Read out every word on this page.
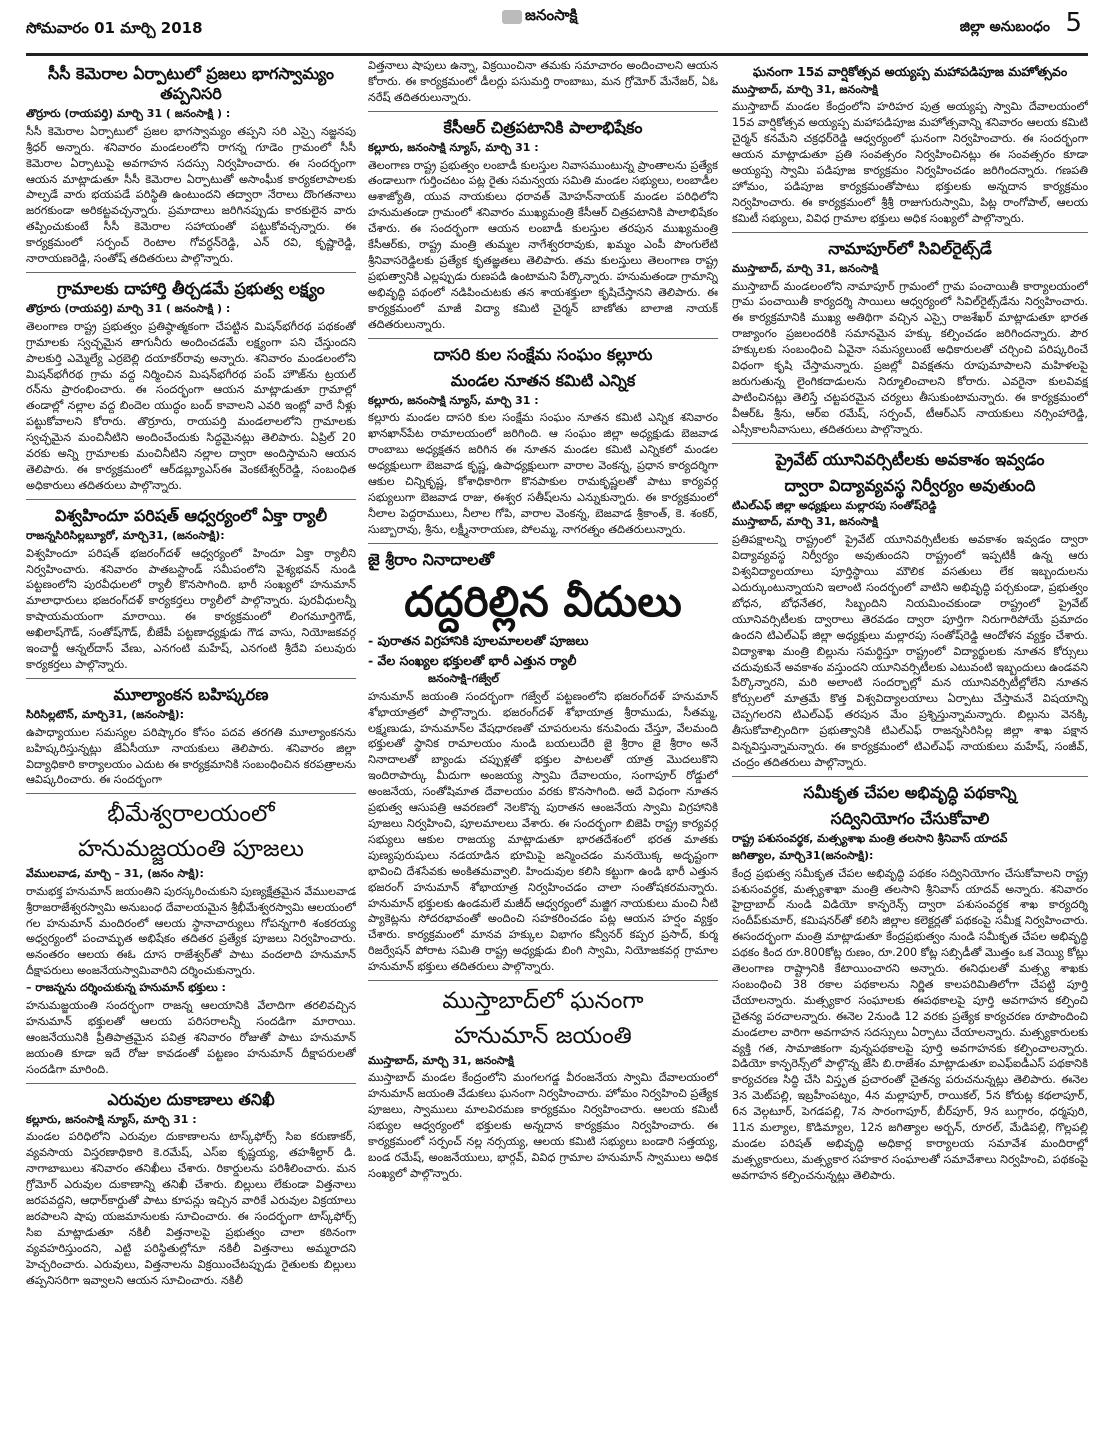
సోమవారం 01 మార్చి 2018
జనంసాక్షి
జిల్లా అనుబంధం 5
సీసీ కెమెరాల ఏర్పాటులో ప్రజలు భాగస్వామ్యం తప్పనిసరి
తొర్రూరు (రాయపర్తి) మార్చి 31 ( జనంసాక్షి ) :
సీసీ కెమెరాల ఏర్పాటులో ప్రజల భాగస్వామ్యం తప్పని సరి ఎస్సై నజ్జనపు శ్రీధర్ అన్నారు. శనివారం మండలంలోని రాగన్న గూడెం గ్రామంలో సీసీ కెమెరాల ఏర్పాటుపై అవగాహన సదస్సు నిర్వహించారు. ఈ సందర్భంగా ఆయన మాట్లాడుతూ సీసీ కెమెరాల ఏర్పాటుతో అసాంఘీక కార్యకలాపాలకు పాల్పడే వారు భయపడే పరిస్థితి ఉంటుందని తద్వారా నేరాలు దొంగతనాలు జరగకుండా అరికట్టవచ్చన్నారు. ప్రమాదాలు జరిగినప్పుడు కారకులైన వారు తప్పించుకుంటే సీసీ కెమెరాల సహాయంతో పట్టుకోవచ్చన్నారు. ఈ కార్యక్రమంలో సర్పంచ్ రెంటాల గోవర్ధన్‌రెడ్డి, ఎన్ రవి, కృష్ణారెడ్డి, నారాయణరెడ్డి, సంతోష్ తదితరులు పాల్గొన్నారు.
గ్రామాలకు దాహార్తి తీర్చడమే ప్రభుత్వ లక్ష్యం
తొర్రూరు (రాయపర్తి) మార్చి 31 ( జనంసాక్షి ) :
తెలంగాణ రాష్ట్ర ప్రభుత్వం ప్రతిష్ఠాత్మకంగా చేపట్టిన మిషన్‌భగీరథ పథకంతో గ్రామాలకు స్వచ్ఛమైన తాగునీరు అందించడమే లక్ష్యంగా పని చేస్తుందని పాలకుర్తి ఎమ్మెల్యే ఎర్రబెల్లి దయాకర్‌రావు అన్నారు. శనివారం మండలంలోని మిషన్‌భగీరథ గ్రామ వద్ద నిర్మించిన మిషన్‌భగీరథ పంప్ హౌజ్‌ను ట్రయల్ రన్‌ను ప్రారంభించారు. ఈ సందర్భంగా ఆయన మాట్లాడుతూ గ్రామాల్లో తండాల్లో నల్లాల వద్ద బిందెల యుద్ధం బంద్ కావాలని ఎవరి ఇంట్లో వారే నీళ్లు పట్టుకోవాలని కోరారు. తొర్రూరు, రాయపర్తి మండలాలలోని గ్రామాలకు స్వచ్ఛమైన మంచినీటిని అందించేందుకు సిద్ధమైనట్లు తెలిపారు. ఏప్రిల్ 20 వరకు అన్ని గ్రామాలకు మంచినీటిని నల్లాల ద్వారా అందిస్తామని ఆయన తెలిపారు. ఈ కార్యక్రమంలో ఆర్‌డబ్ల్యూఎస్ఈ వెంకటేశ్వర్‌రెడ్డి, సంబంధిత అధికారులు తదితరులు పాల్గొన్నారు.
విశ్వహిందూ పరిషత్ ఆధ్వర్యంలో ఏక్తా ర్యాలీ
రాజన్నసిరిసిల్లబ్యూరో, మార్చి31, (జనంసాక్షి):
విశ్వహిందూ పరిషత్ భజరంగ్‌దళ్ ఆధ్వర్యంలో హిందూ ఏక్తా ర్యాలీని నిర్వహించారు. శనివారం పాతబస్టాండ్ సమీపంలోని వైశ్యభవన్ నుండి పట్టణంలోని పురవీధులలో ర్యాలీ కొనసాగింది. భారీ సంఖ్యలో హనుమాన్ మాలాధారులు భజరంగ్‌దళ్ కార్యకర్తలు ర్యాలీలో పాల్గొన్నారు. పురవీధులన్నీ కాషాయమయంగా మారాయి. ఈ కార్యక్రమంలో లింగమూర్తిగౌడ్, అఖిలాష్‌గౌడ్, సంతోష్‌గౌడ్, బీజేపీ పట్టణాధ్యక్షుడు గౌడ వాసు, నియోజకవర్గ ఇంచార్జీ ఆన్నల్‌దాస్ వేణు, ఎనగంటి మహేష్, ఎనగంటి శ్రీదేవి పలువురు కార్యకర్తలు పాల్గొన్నారు.
మూల్యాంకన బహిష్కరణ
సిరిసిల్లటౌన్, మార్చి31, (జనంసాక్షి):
ఉపాధ్యాయుల సమస్యల పరిష్కారం కోసం పదవ తరగతి మూల్యాంకనను బహిష్కరిస్తున్నట్లు జేఏసీయూ నాయకులు తెలిపారు. శనివారం జిల్లా విద్యాధికారి కార్యాలయం ఎదుట ఈ కార్యక్రమానికి సంబంధించిన కరపత్రాలను ఆవిష్కరించారు. ఈ సందర్భంగా
భీమేశ్వరాలయంలో
హనుమజ్జయంతి పూజలు
వేములవాడ, మార్చి – 31, (జనం సాక్షి):
రామభక్త హనుమాన్ జయంతిని పురస్కరించుకుని పుణ్యక్షేత్రమైన వేములవాడ శ్రీరాజరాజేశ్వరస్వామి అనుబంధ దేవాలయమైన శ్రీభీమేశ్వరస్వామి ఆలయంలో గల హనుమాన్ మందిరంలో ఆలయ స్థానాచార్యులు గోపన్నగారి శంకరయ్య అధ్వర్యంలో పంచామృత అభిషేకం తదితర ప్రత్యేక పూజలు నిర్వహించారు. అనంతరం ఆలయ ఈఓ దూస రాజేశ్వర్‌తో పాటు వందలాది హనుమాన్ దీక్షాపరులు అంజనేయస్వామివారిని దర్శించుకున్నారు.
– రాజన్నను దర్శించుకున్న హనుమాన్ భక్తులు :
హనుమజ్జయంతి సందర్భంగా రాజన్న ఆలయానికి వేలాదిగా తరలివచ్చిన హనుమాన్ భక్తులతో ఆలయ పరిసరాలన్నీ సందడిగా మారాయి. ఆంజనేయునికి ప్రీతిపాత్రమైన పవిత్ర శనివారం రోజుతో పాటు హనుమాన్ జయంతి కూడా ఇదే రోజు కావడంతో పట్టణం హనుమాన్ దీక్షాపరులతో సందడిగా మారింది.
ఎరువుల దుకాణాలు తనిఖీ
కల్లూరు, జనంసాక్షి న్యూస్, మార్చి 31 :
మండల పరిధిలోని ఎరువుల దుకాణాలను టాస్క్‌ఫోర్స్ సిఐ కరుణాకర్, వ్యవసాయ విస్తరణాధికారి కె.రమేష్, ఎస్ఐ కృష్ణయ్య, తహశీల్దార్ డి. నాగాబాబులు శనివారం తనిఖీలు చేశారు. రికార్డులను పరిశీలించారు. మన గ్రోమోర్ ఎరువుల దుకాణాన్ని తనిఖీ చేశారు. బిల్లులు లేకుండా విత్తనాలు జరపవద్దని, ఆధార్‌కార్డుతో పాటు కూపన్లు ఇచ్చిన వారికే ఎరువుల విక్రయాలు జరపాలని షాపు యజమానులకు సూచించారు. ఈ సందర్భంగా టాస్క్‌ఫోర్స్ సిఐ మాట్లాడుతూ నకిలీ విత్తనాలపై ప్రభుత్వం చాలా కఠినంగా వ్యవహరిస్తుందని, ఎట్టి పరిస్థితుల్లోనూ నకిలీ విత్తనాలు అమ్మరాదని హెచ్చరించారు. ఎరువులు, విత్తనాలను విక్రయించేటప్పుడు రైతులకు బిల్లులు తప్పనిసరిగా ఇవ్వాలని ఆయన సూచించారు. నకిలీ
విత్తనాలు షాపులు ఉన్నా, విక్రయించినా తమకు సమాచారం అందించాలని ఆయన కోరారు. ఈ కార్యక్రమంలో డీలర్లు పసుమర్తి రాంబాబు, మన గ్రోమోర్ మేనేజర్, ఏఓ నరేష్ తదితరులున్నారు.
కేసీఆర్ చిత్రపటానికి పాలాభిషేకం
కల్లూరు, జనంసాక్షి న్యూస్, మార్చి 31 :
తెలంగాణ రాష్ట్ర ప్రభుత్వం లంబాడీ కులస్తుల నివాసముంటున్న ప్రాంతాలను ప్రత్యేక తండాలుగా గుర్తించటం పట్ల రైతు సమన్వయ సమితి మండల సభ్యులు, లంబాడీల ఆశాజ్యోతి, యువ నాయకులు ధరావత్ మోహన్‌నాయక్ మండల పరిధిలోని హనుమతండా గ్రామంలో శనివారం ముఖ్యమంత్రి కేసీఆర్ చిత్రపటానికి పాలాభిషేకం చేశారు. ఈ సందర్భంగా ఆయన లంబాడీ కులస్తుల తరపున ముఖ్యమంత్రి కేసీఆర్‌కు, రాష్ట్ర మంత్రి తుమ్మల నాగేశ్వరరావుకు, ఖమ్మం ఎంపీ పొంగులేటి శ్రీనివాసరెడ్డిలకు ప్రత్యేక కృతజ్ఞతలు తెలిపారు. తమ కులస్తులు తెలంగాణ రాష్ట్ర ప్రభుత్వానికి ఎల్లప్పుడు రుణపడి ఉంటామని పేర్కొన్నారు. హనుమతండా గ్రామాన్ని అభివృద్ధి పథంలో నడిపించుటకు తన శాయశక్తులా కృషిచేస్తానని తెలిపారు. ఈ కార్యక్రమంలో మాజీ విద్యా కమిటి చైర్మన్ బాణోతు బాలాజి నాయక్ తదితరులున్నారు.
దాసరి కుల సంక్షేమ సంఘం కల్లూరు
మండల నూతన కమిటి ఎన్నిక
కల్లూరు, జనంసాక్షి న్యూస్, మార్చి 31 :
కల్లూరు మండల దాసరి కుల సంక్షేమ సంఘం నూతన కమిటి ఎన్నిక శనివారం ఖానఖాన్‌పేట రామాలయంలో జరిగింది. ఆ సంఘం జిల్లా అధ్యక్షుడు బెజవాడ రాంబాబు అధ్యక్షతన జరిగిన ఈ నూతన మండల కమిటి ఎన్నికలో మండల అధ్యక్షులుగా బెజవాడ కృష్ణ, ఉపాధ్యక్షులుగా వారాల వెంకన్న, ప్రధాన కార్యదర్శిగా ఆకుల చిన్నికృష్ణ, కోశాధికారిగా కొనపాకుల రామకృష్ణలతో పాటు కార్యవర్గ సభ్యులుగా బెజవాడ రాజు, ఈశ్వర సతీష్‌లను ఎన్నుకున్నారు. ఈ కార్యక్రమంలో నీలాల పెద్దరాములు, నీలాల గోపి, వారాల వెంకన్న, బెజవాడ శ్రీకాంత్, కె. శంకర్, సుబ్బారావు, శ్రీను, లక్ష్మీనారాయణ, పోలమ్మ, నాగరత్నం తదితరులున్నారు.
జై శ్రీరాం నినాదాలతో
దద్దరిల్లిన వీదులు
- పురాతన విగ్రహానికి పూలమాలలతో పూజలు
- వేల సంఖ్యల భక్తులతో భారీ ఎత్తున ర్యాలీ
జనంసాక్షి–గజ్వేల్
హనుమాన్ జయంతి సందర్భంగా గజ్వేల్ పట్టణంలోని భజరంగ్‌దళ్ హనుమాన్ శోభాయాత్రలో పాల్గొన్నారు. భజరంగ్‌దళ్ శోభాయాత్ర శ్రీరాముడు, సీతమ్మ, లక్ష్మణుడు, హనుమాన్‌ల వేషధారణతో చూపరులను కనువిందు చేస్తూ, వేలమంది భక్తులతో స్థానిక రామాలయం నుండి బయలుదేరి జై శ్రీరాం జై శ్రీరాం అనే నినాదాలతో బ్యాండు చప్పుళ్లతో భక్తుల పాటలతో యాత్ర మొదలుకొని ఇందిరాపార్కు మీదుగా అంజయ్య స్వామి దేవాలయం, సంగాపూర్ రోడ్డులో అంజనేయ, సంతోషిమాత దేవాలయం వరకు కొనసాగింది. అదే విధంగా నూతన ప్రభుత్వ ఆసుపత్రి ఆవరణలో నెలకొన్న పురాతన ఆంజనేయ స్వామి విగ్రహానికి పూజలు నిర్వహించి, పూలమాలలు వేశారు. ఈ సందర్భంగా బిజెపి రాష్ట్ర కార్యవర్గ సభ్యులు ఆకుల రాజయ్య మాట్లాడుతూ భారతదేశంలో భరత మాతకు పుణ్యపురుషులు నడయాడిన భూమిపై జన్మించడం మనయొక్క అదృష్టంగా భావించి దేశసేవకు అంకితమవ్వాలి. హిందువుల కలిసి కట్టుగా ఉండి భారీ ఎత్తున భజరంగ్ హనుమాన్ శోభాయాత్ర నిర్వహించడం చాలా సంతోషకరమన్నారు. హనుమాన్ భక్తులకు ఉండమలే మజీద్ ఆధ్వర్యంలో మజ్జిగ నాయకులు మంచి నీటి ప్యాకెట్లను సోదరభావంతో అందించి సహకరించడం పట్ల ఆయన హర్షం వ్యక్తం చేశారు. కార్యక్రమంలో మానవ హక్కుల విభాగం కన్వీనర్ కప్పర ప్రసాద్, కుర్మ రిజర్వేషన్ పోరాట సమితి రాష్ట్ర అధ్యక్షుడు బింగి స్వామి, నియోజకవర్గ గ్రామాల హనుమాన్ భక్తులు తదితరులు పాల్గొన్నారు.
ముస్తాబాద్‌లో ఘనంగా
హనుమాన్ జయంతి
ముస్తాబాద్, మార్చి 31, జనంసాక్షి
ముస్తాబాద్ మండల కేంద్రంలోని మంగలగడ్డ వీరంజనేయ స్వామి దేవాలయంలో హనుమాన్ జయంతి వేడుకలు ఘనంగా నిర్వహించారు. హోమం నిర్వహించి ప్రత్యేక పూజలు, స్వాములు మాలవిరమణ కార్యక్రమం నిర్వహించారు. ఆలయ కమిటీ సభ్యుల ఆధ్వర్యంలో భక్తులకు అన్నదాన కార్యక్రమం నిర్వహించారు. ఈ కార్యక్రమంలో సర్పంచ్ నల్ల నర్సయ్య, ఆలయ కమిటి సభ్యులు బండారి సత్తయ్య, బండ రమేష్, అంజనేయులు, భార్గవ్, వివిధ గ్రామాల హనుమాన్ స్వాములు అధిక సంఖ్యలో పాల్గొన్నారు.
ఘనంగా 15వ వార్షికోత్సవ అయ్యప్ప మహాపడిపూజ మహోత్సవం
ముస్తాబాద్, మార్చి 31, జనంసాక్షి
ముస్తాబాద్ మండల కేంద్రంలోని హరిహర పుత్ర అయ్యప్ప స్వామి దేవాలయంలో 15వ వార్షికోత్సవ అయ్యప్ప మహాపడిపూజ మహోత్సవాన్ని శనివారం ఆలయ కమిటి చైర్మన్ కనమేని చక్రధర్‌రెడ్డి ఆధ్వర్యంలో ఘనంగా నిర్వహించారు. ఈ సందర్భంగా ఆయన మాట్లాడుతూ ప్రతి సంవత్సరం నిర్వహించినట్లు ఈ సంవత్సరం కూడా అయ్యప్ప స్వామి పడిపూజ కార్యక్రమం నిర్వహించడం జరిగిందన్నారు. గణపతి హోమం, పడిపూజ కార్యక్రమంతోపాటు భక్తులకు అన్నదాన కార్యక్రమం నిర్వహించారు. ఈ కార్యక్రమంలో శ్రీశ్రీ రాజుగురుస్వామి, పిట్ల రాంగోపాల్, ఆలయ కమిటీ సభ్యులు, వివిధ గ్రామాల భక్తులు అధిక సంఖ్యలో పాల్గొన్నారు.
నామాపూర్‌లో సివిల్‌రైట్స్‌డే
ముస్తాబాద్, మార్చి 31, జనంసాక్షి
ముస్తాబాద్ మండలంలోని నామాపూర్ గ్రామంలో గ్రామ పంచాయితీ కార్యాలయంలో గ్రామ పంచాయితీ కార్యదర్శి సాయిలు ఆధ్వర్యంలో సివిల్‌రైట్స్‌డేను నిర్వహించారు. ఈ కార్యక్రమానికి ముఖ్య అతిథిగా వచ్చిన ఎస్సై రాజశేఖర్ మాట్లాడుతూ భారత రాజ్యాంగం ప్రజలందరికి సమానమైన హక్కు కల్పించడం జరిగిందన్నారు. పౌర హక్కులకు సంబంధించి ఏవైనా సమస్యలుంటే అధికారులతో చర్చించి పరిష్కరించే విధంగా కృషి చేస్తామన్నారు. ప్రజల్లో వివక్షతను రూపుమాపాలని మహిళలపై జరుగుతున్న లైంగికదాడులను నిర్మూలించాలని కోరారు. ఎవరైనా కులవివక్ష పాటించినట్లు తెలిస్తే చట్టపరమైన చర్యలు తీసుకుంటామన్నారు. ఈ కార్యక్రమంలో వీఆర్ఓ శ్రీను, ఆర్‌ఐ రమేష్, సర్పంచ్, టీఆర్ఎస్ నాయకులు నర్సింహారెడ్డి, ఎస్సీకాలనీవాసులు, తదితరులు పాల్గొన్నారు.
ప్రైవేట్ యూనివర్సిటీలకు అవకాశం ఇవ్వడం
ద్వారా విద్యావ్యవస్థ నిర్వీర్యం అవుతుంది
టిఎల్ఎఫ్ జిల్లా అధ్యక్షులు మల్లారపు సంతోష్‌రెడ్డి
ముస్తాబాద్, మార్చి 31, జనంసాక్షి
ప్రతిపక్షాలన్ని రాష్ట్రంలో ప్రైవేట్ యూనివర్సిటీలకు అవకాశం ఇవ్వడం ద్వారా విద్యావ్యవస్థ నిర్వీర్యం అవుతుందని రాష్ట్రంలో ఇప్పటికీ ఉన్న ఆరు విశ్వవిద్యాలయాలు పూర్తిస్థాయి మౌలిక వసతులు లేక ఇబ్బందులను ఎదుర్కుంటున్నాయని ఇలాంటి సందర్భంలో వాటిని అభివృద్ధి పర్చకుండా, ప్రభుత్వం బోధన, బోధనేతర, సిబ్బందిని నియమించకుండా రాష్ట్రంలో ప్రైవేట్ యూనివర్సిటీలకు ద్వారాలు తెరవడం ద్వారా పూర్తిగా నిరుగారిపోయే ప్రమాదం ఉందని టిఎల్ఎఫ్ జిల్లా అధ్యక్షులు మల్లారపు సంతోష్‌రెడ్డి ఆందోళన వ్యక్తం చేశారు. విద్యాశాఖ మంత్రి బిల్లును సమర్థిస్తూ రాష్ట్రంలో విద్యార్థులకు నూతన కోర్సులు చదువుకునే అవకాశం వస్తుందని యూనివర్సిటీలకు ఎటువంటి ఇబ్బందులు ఉండవని పేర్కొన్నారని, మరి అలాంటి సందర్భాల్లో మన యూనివర్సిటీల్లోలేని నూతన కోర్సులలో మాత్రమే కొత్త విశ్వవిద్యాలయాలు ఏర్పాటు చేస్తామనే విషయాన్ని చెప్పగలరని టిఎల్ఎఫ్ తరపున మేం ప్రశ్నిస్తున్నామన్నారు. బిల్లును వెనక్కి తీసుకోవాల్సిందిగా ప్రభుత్వానికి టిఎల్ఎఫ్ రాజన్నసిరిసిల్ల జిల్లా శాఖ పక్షాన విన్నవిస్తున్నామన్నారు. ఈ కార్యక్రమంలో టిఎల్ఎఫ్ నాయకులు మహేష్, సంజీవ్, చంద్రం తదితరులు పాల్గొన్నారు.
సమీకృత చేపల అభివృద్ధి పథకాన్ని
సద్వినియోగం చేసుకోవాలి
రాష్ట్ర పశుసంవర్థక, మత్స్యశాఖ మంత్రి తలసాని శ్రీనివాస్ యాదవ్
జగిత్యాల, మార్చి31(జనంసాక్షి):
కేంద్ర ప్రభుత్వ సమీకృత చేపల అభివృద్ధి పథకం సద్వినియోగం చేసుకోవాలని రాష్ట్ర పశుసంవర్ధక, మత్స్యశాఖా మంత్రి తలసాని శ్రీనివాస్ యాదవ్ అన్నారు. శనివారం హైద్రాబాద్ నుండి విడియో కాన్ఫరెన్స్ ద్వారా పశుసంవర్ధక శాఖ కార్యదర్శి సందీప్‌కుమార్, కమిషనర్‌తో కలిసి జిల్లాల కలెక్టర్లతో పథకంపై సమీక్ష నిర్వహించారు. ఈసందర్భంగా మంత్రి మాట్లాడుతూ కేంద్రప్రభుత్వం నుండి సమీకృత చేపల అభివృద్ధి పథకం కింద రూ.800కోట్ల రుణం, రూ.200 కోట్ల సబ్సిడీతో మొత్తం ఒక వెయ్యి కోట్లు తెలంగాణ రాష్ట్రానికి కేటాయించారని అన్నారు. ఈనిధులతో మత్స్య శాఖకు సంబంధించి 38 రకాల పథకాలను నిర్ణిత కాలపరిమితిలోగా చేపట్టి పూర్తి చేయాలన్నారు. మత్స్యకార సంఘాలకు ఈపథకాలపై పూర్తి అవగాహన కల్పించి చైతన్య పరచాలన్నారు. ఈనెల 2నుండి 12 వరకు ప్రత్యేక కార్యచరణ రూపొందించి మండలాల వారిగా అవగాహన సదస్సులు ఏర్పాటు చేయాలన్నారు. మత్స్యకారులకు వ్యక్తి గత, సామాజికంగా వున్నపథకాలపై పూర్తి అవగాహనకు కల్పించాలన్నారు. విడియో కాన్ఫరెన్స్‌లో పాల్గొన్న జేసి బి.రాజేశం మాట్లాడుతూ ఐఎఫ్ఐడీఎస్ పథకానికి కార్యచరణ సిద్ధి చేసి విస్తృత ప్రచారంతో చైతన్య పరుచనున్నట్లు తెలిపారు. ఈనెల 3న మెట్‌పల్లి, ఇబ్రహీంపట్నం, 4న మల్లాపూర్, రాయికల్, 5న కోరుట్ల కథలాపూర్, 6న వెల్గటూర్, పెగడపల్లి, 7న సారంగాపూర్, బీర్‌పూర్, 9న బుగ్గారం, ధర్మపురి, 11న మల్యాల, కొడిమ్యాల, 12న జగిత్యాల అర్బన్, రూరల్, మేడిపల్లి, గొల్లపల్లి మండల పరిషత్ అభివృద్ధి అధికార్ల కార్యాలయ సమావేశ మందిరాల్లో మత్స్యకారులు, మత్స్యకార సహకార సంఘాలతో సమావేశాలు నిర్వహించి, పథకంపై అవగాహన కల్పించనున్నట్లు తెలిపారు.
